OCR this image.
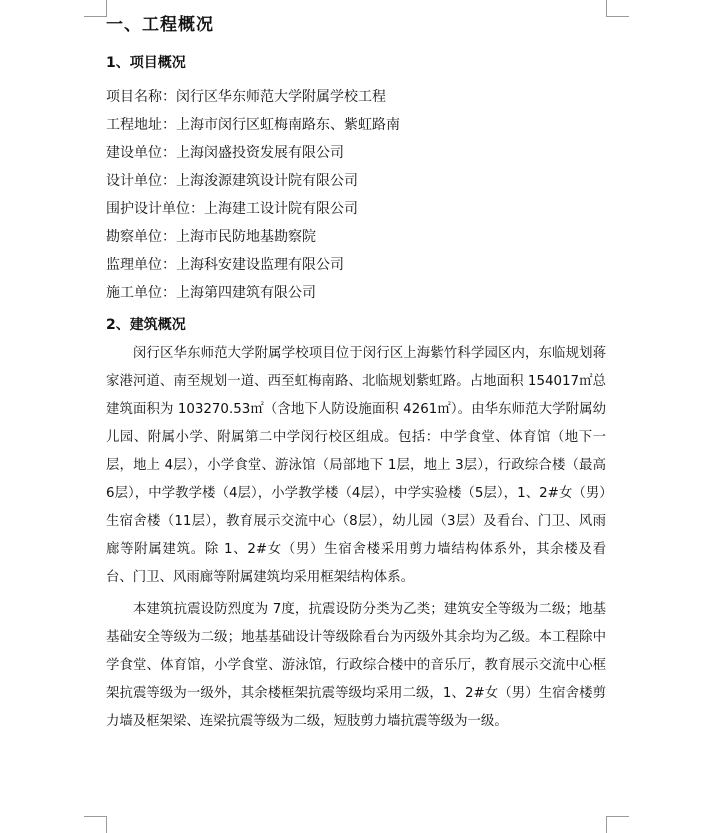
一、工程概况
1、项目概况
项目名称：闵行区华东师范大学附属学校工程
工程地址：上海市闵行区虹梅南路东、紫虹路南
建设单位：上海闵盛投资发展有限公司
设计单位：上海浚源建筑设计院有限公司
围护设计单位：上海建工设计院有限公司
勘察单位：上海市民防地基勘察院
监理单位：上海科安建设监理有限公司
施工单位：上海第四建筑有限公司
2、建筑概况

闵行区华东师范大学附属学校项目位于闵行区上海紫竹科学园区内，东临规划蒋家港河道、南至规划一道、西至虹梅南路、北临规划紫虹路。占地面积 154017㎡总建筑面积为 103270.53㎡（含地下人防设施面积 4261㎡）。由华东师范大学附属幼儿园、附属小学、附属第二中学闵行校区组成。包括：中学食堂、体育馆（地下一层，地上 4层），小学食堂、游泳馆（局部地下 1层，地上 3层），行政综合楼（最高 6层），中学教学楼（4层），小学教学楼（4层），中学实验楼（5层），1、2#女（男）生宿舍楼（11层），教育展示交流中心（8层），幼儿园（3层）及看台、门卫、风雨廊等附属建筑。除 1、2#女（男）生宿舍楼采用剪力墙结构体系外，其余楼及看台、门卫、风雨廊等附属建筑均采用框架结构体系。

本建筑抗震设防烈度为 7度，抗震设防分类为乙类；建筑安全等级为二级；地基基础安全等级为二级；地基基础设计等级除看台为丙级外其余均为乙级。本工程除中学食堂、体育馆，小学食堂、游泳馆，行政综合楼中的音乐厅，教育展示交流中心框架抗震等级为一级外，其余楼框架抗震等级均采用二级，1、2#女（男）生宿舍楼剪力墙及框架梁、连梁抗震等级为二级，短肢剪力墙抗震等级为一级。
